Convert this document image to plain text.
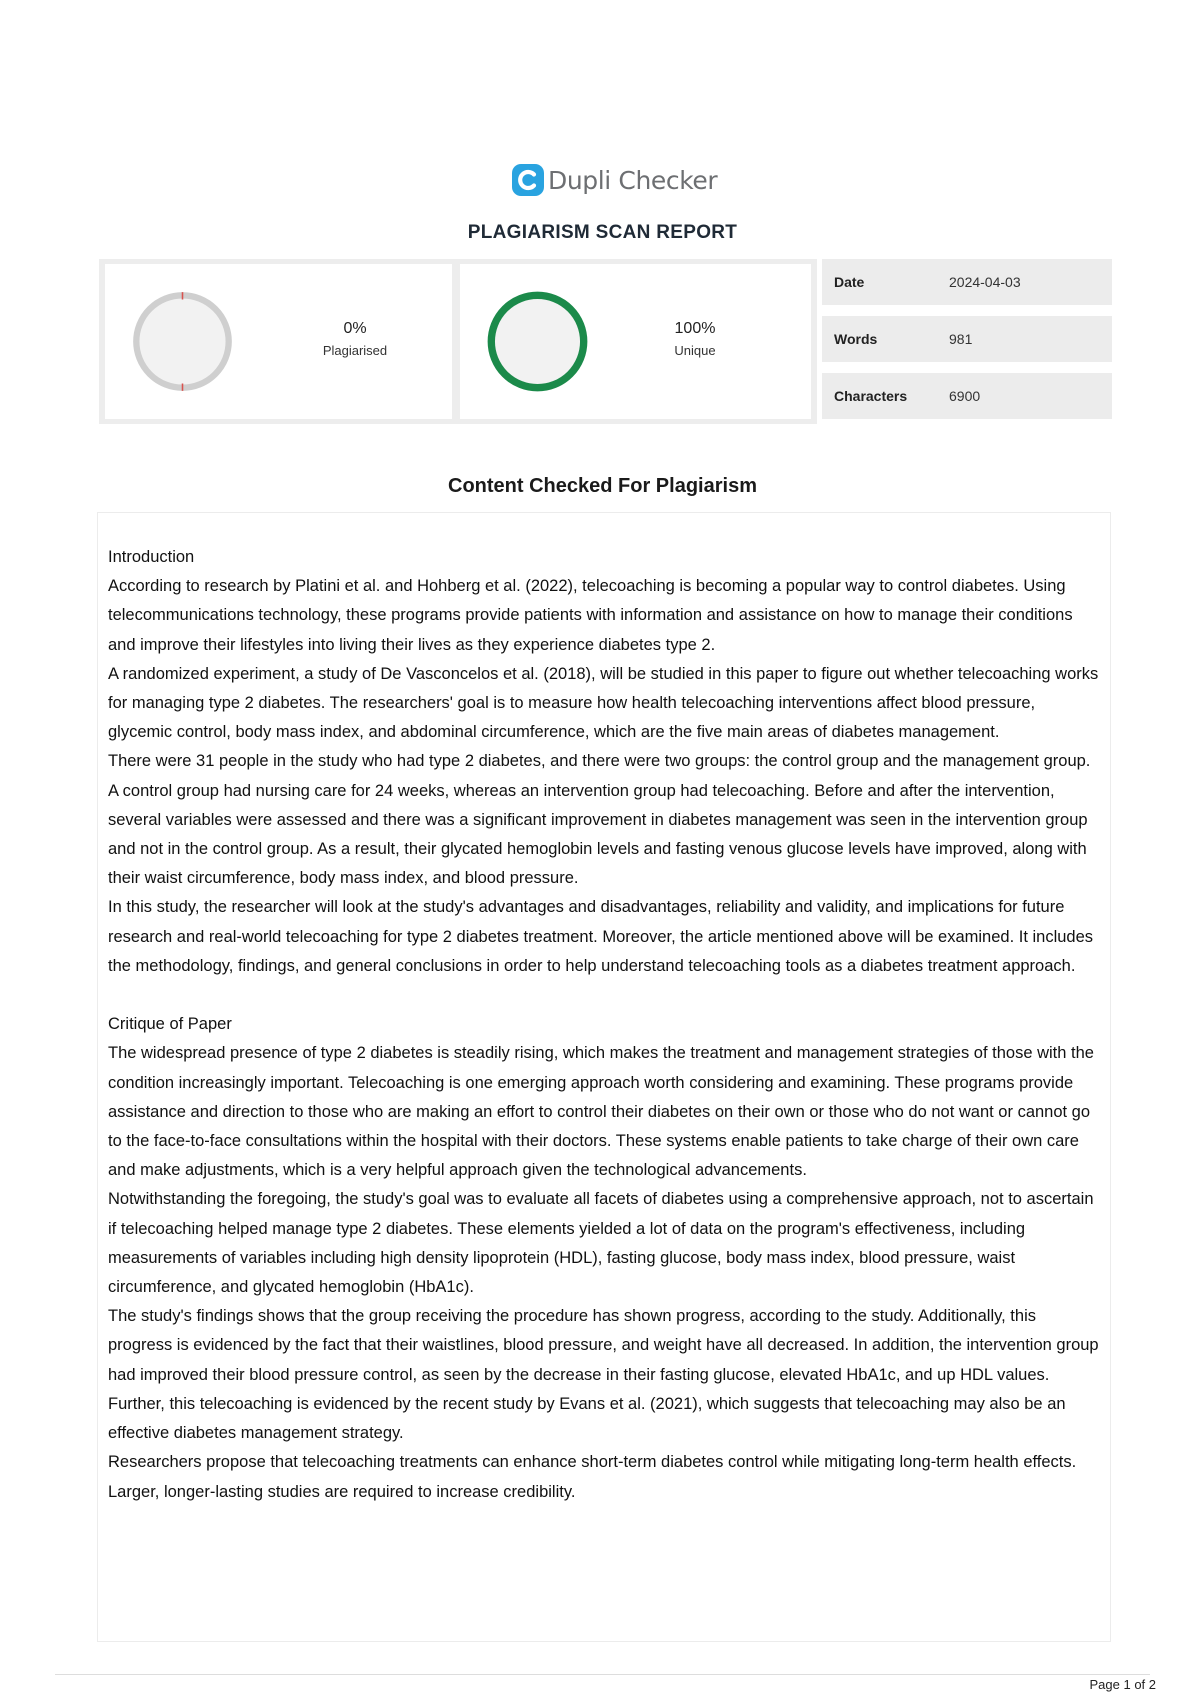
Dupli Checker
PLAGIARISM SCAN REPORT
0%
Plagiarised
100%
Unique
Date	2024-04-03
Words	981
Characters	6900
Content Checked For Plagiarism

Introduction

According to research by Platini et al. and Hohberg et al. (2022), telecoaching is becoming a popular way to control diabetes. Using telecommunications technology, these programs provide patients with information and assistance on how to manage their conditions and improve their lifestyles into living their lives as they experience diabetes type 2.

A randomized experiment, a study of De Vasconcelos et al. (2018), will be studied in this paper to figure out whether telecoaching works for managing type 2 diabetes. The researchers' goal is to measure how health telecoaching interventions affect blood pressure, glycemic control, body mass index, and abdominal circumference, which are the five main areas of diabetes management.

There were 31 people in the study who had type 2 diabetes, and there were two groups: the control group and the management group. A control group had nursing care for 24 weeks, whereas an intervention group had telecoaching. Before and after the intervention, several variables were assessed and there was a significant improvement in diabetes management was seen in the intervention group and not in the control group. As a result, their glycated hemoglobin levels and fasting venous glucose levels have improved, along with their waist circumference, body mass index, and blood pressure.

In this study, the researcher will look at the study's advantages and disadvantages, reliability and validity, and implications for future research and real-world telecoaching for type 2 diabetes treatment. Moreover, the article mentioned above will be examined. It includes the methodology, findings, and general conclusions in order to help understand telecoaching tools as a diabetes treatment approach.

Critique of Paper

The widespread presence of type 2 diabetes is steadily rising, which makes the treatment and management strategies of those with the condition increasingly important. Telecoaching is one emerging approach worth considering and examining. These programs provide assistance and direction to those who are making an effort to control their diabetes on their own or those who do not want or cannot go to the face-to-face consultations within the hospital with their doctors. These systems enable patients to take charge of their own care and make adjustments, which is a very helpful approach given the technological advancements.

Notwithstanding the foregoing, the study's goal was to evaluate all facets of diabetes using a comprehensive approach, not to ascertain if telecoaching helped manage type 2 diabetes. These elements yielded a lot of data on the program's effectiveness, including measurements of variables including high density lipoprotein (HDL), fasting glucose, body mass index, blood pressure, waist circumference, and glycated hemoglobin (HbA1c).

The study's findings shows that the group receiving the procedure has shown progress, according to the study. Additionally, this progress is evidenced by the fact that their waistlines, blood pressure, and weight have all decreased. In addition, the intervention group had improved their blood pressure control, as seen by the decrease in their fasting glucose, elevated HbA1c, and up HDL values. Further, this telecoaching is evidenced by the recent study by Evans et al. (2021), which suggests that telecoaching may also be an effective diabetes management strategy.

Researchers propose that telecoaching treatments can enhance short-term diabetes control while mitigating long-term health effects. Larger, longer-lasting studies are required to increase credibility.

Page 1 of 2
